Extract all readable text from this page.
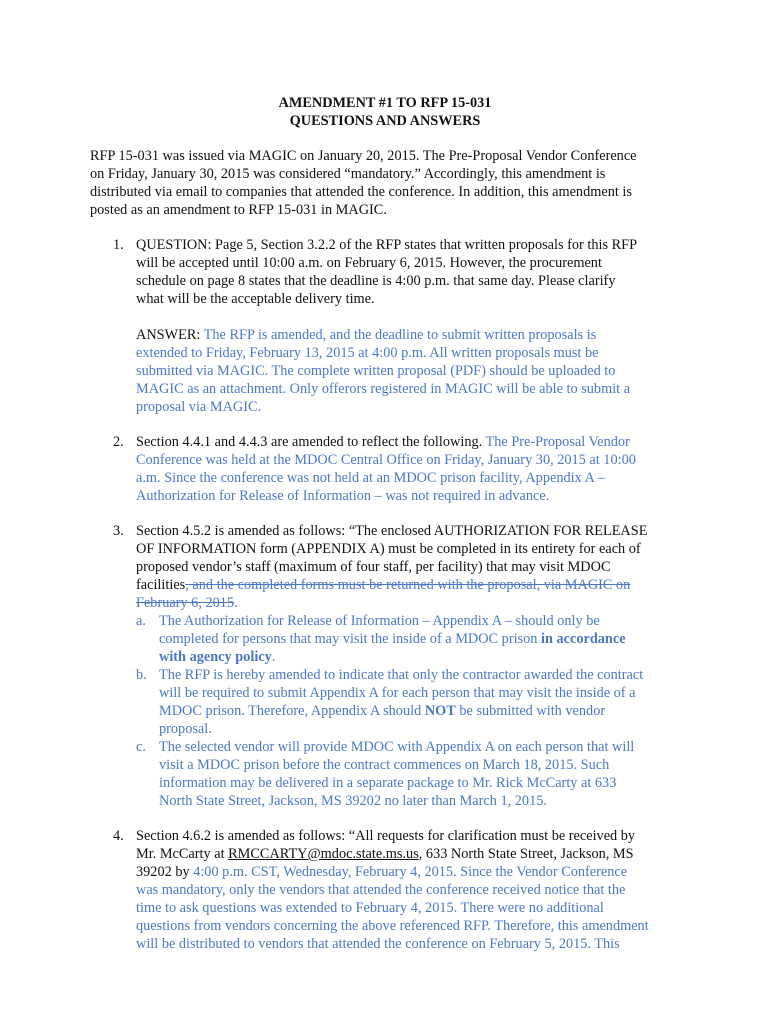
AMENDMENT #1 TO RFP 15-031
QUESTIONS AND ANSWERS
RFP 15-031 was issued via MAGIC on January 20, 2015. The Pre-Proposal Vendor Conference
on Friday, January 30, 2015 was considered “mandatory.” Accordingly, this amendment is
distributed via email to companies that attended the conference. In addition, this amendment is
posted as an amendment to RFP 15-031 in MAGIC.
1. QUESTION: Page 5, Section 3.2.2 of the RFP states that written proposals for this RFP
will be accepted until 10:00 a.m. on February 6, 2015. However, the procurement
schedule on page 8 states that the deadline is 4:00 p.m. that same day. Please clarify
what will be the acceptable delivery time.
ANSWER: The RFP is amended, and the deadline to submit written proposals is
extended to Friday, February 13, 2015 at 4:00 p.m. All written proposals must be
submitted via MAGIC. The complete written proposal (PDF) should be uploaded to
MAGIC as an attachment. Only offerors registered in MAGIC will be able to submit a
proposal via MAGIC.
2. Section 4.4.1 and 4.4.3 are amended to reflect the following. The Pre-Proposal Vendor
Conference was held at the MDOC Central Office on Friday, January 30, 2015 at 10:00
a.m. Since the conference was not held at an MDOC prison facility, Appendix A –
Authorization for Release of Information – was not required in advance.
3. Section 4.5.2 is amended as follows: “The enclosed AUTHORIZATION FOR RELEASE
OF INFORMATION form (APPENDIX A) must be completed in its entirety for each of
proposed vendor’s staff (maximum of four staff, per facility) that may visit MDOC
facilities, and the completed forms must be returned with the proposal, via MAGIC on
February 6, 2015.
a. The Authorization for Release of Information – Appendix A – should only be
completed for persons that may visit the inside of a MDOC prison in accordance
with agency policy.
b. The RFP is hereby amended to indicate that only the contractor awarded the contract
will be required to submit Appendix A for each person that may visit the inside of a
MDOC prison. Therefore, Appendix A should NOT be submitted with vendor
proposal.
c. The selected vendor will provide MDOC with Appendix A on each person that will
visit a MDOC prison before the contract commences on March 18, 2015. Such
information may be delivered in a separate package to Mr. Rick McCarty at 633
North State Street, Jackson, MS 39202 no later than March 1, 2015.
4. Section 4.6.2 is amended as follows: “All requests for clarification must be received by
Mr. McCarty at RMCCARTY@mdoc.state.ms.us, 633 North State Street, Jackson, MS
39202 by 4:00 p.m. CST, Wednesday, February 4, 2015. Since the Vendor Conference
was mandatory, only the vendors that attended the conference received notice that the
time to ask questions was extended to February 4, 2015. There were no additional
questions from vendors concerning the above referenced RFP. Therefore, this amendment
will be distributed to vendors that attended the conference on February 5, 2015. This
